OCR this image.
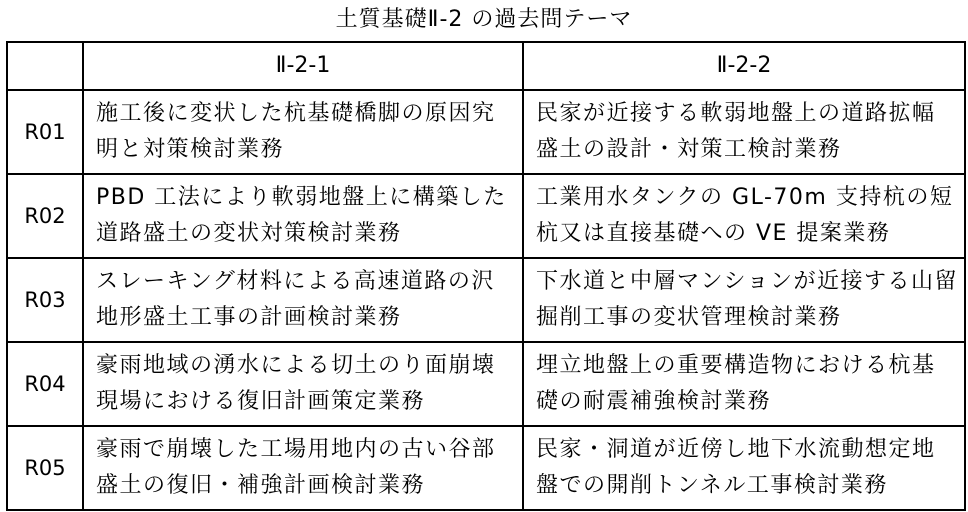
土質基礎Ⅱ-2 の過去問テーマ
	Ⅱ-2-1	Ⅱ-2-2
R01	施工後に変状した杭基礎橋脚の原因究明と対策検討業務	民家が近接する軟弱地盤上の道路拡幅盛土の設計・対策工検討業務
R02	PBD 工法により軟弱地盤上に構築した道路盛土の変状対策検討業務	工業用水タンクの GL-70m 支持杭の短杭又は直接基礎への VE 提案業務
R03	スレーキング材料による高速道路の沢地形盛土工事の計画検討業務	下水道と中層マンションが近接する山留掘削工事の変状管理検討業務
R04	豪雨地域の湧水による切土のり面崩壊現場における復旧計画策定業務	埋立地盤上の重要構造物における杭基礎の耐震補強検討業務
R05	豪雨で崩壊した工場用地内の古い谷部盛土の復旧・補強計画検討業務	民家・洞道が近傍し地下水流動想定地盤での開削トンネル工事検討業務
